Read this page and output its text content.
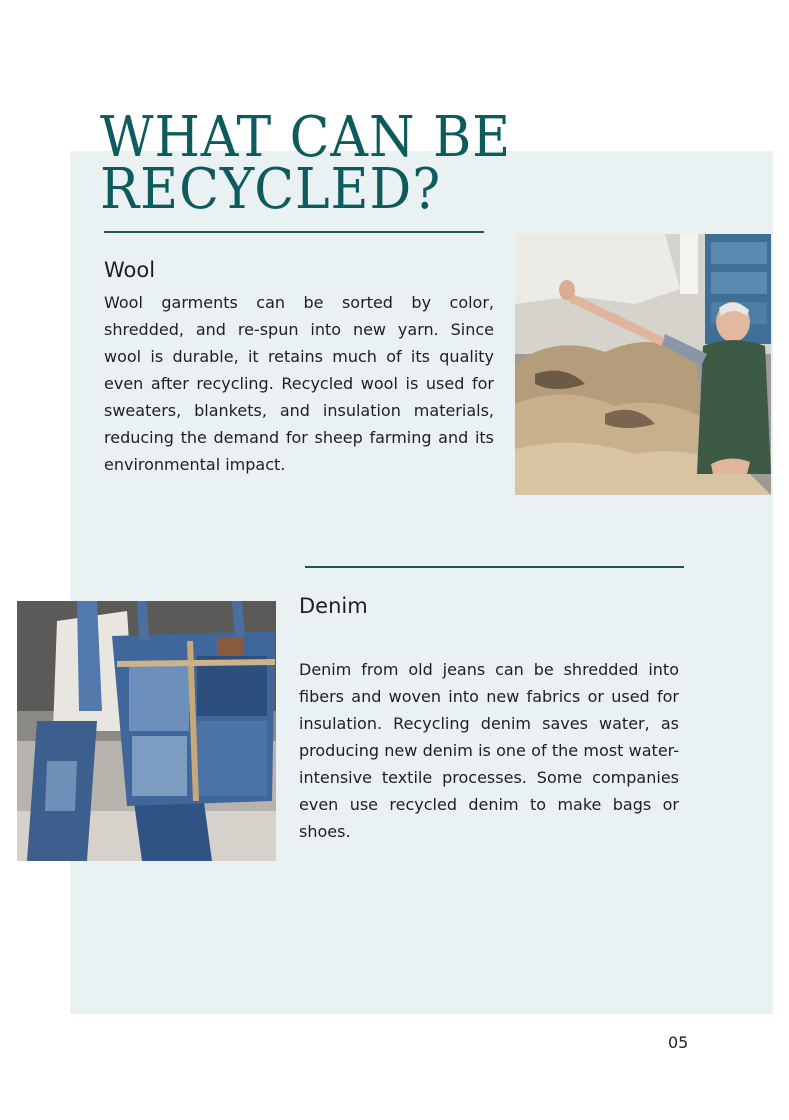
WHAT CAN BE
RECYCLED?
Wool

Wool garments can be sorted by color, shredded, and re-spun into new yarn. Since wool is durable, it retains much of its quality even after recycling. Recycled wool is used for sweaters, blankets, and insulation materials, reducing the demand for sheep farming and its environmental impact.

Denim

Denim from old jeans can be shredded into fibers and woven into new fabrics or used for insulation. Recycling denim saves water, as producing new denim is one of the most water-intensive textile processes. Some companies even use recycled denim to make bags or shoes.

05
